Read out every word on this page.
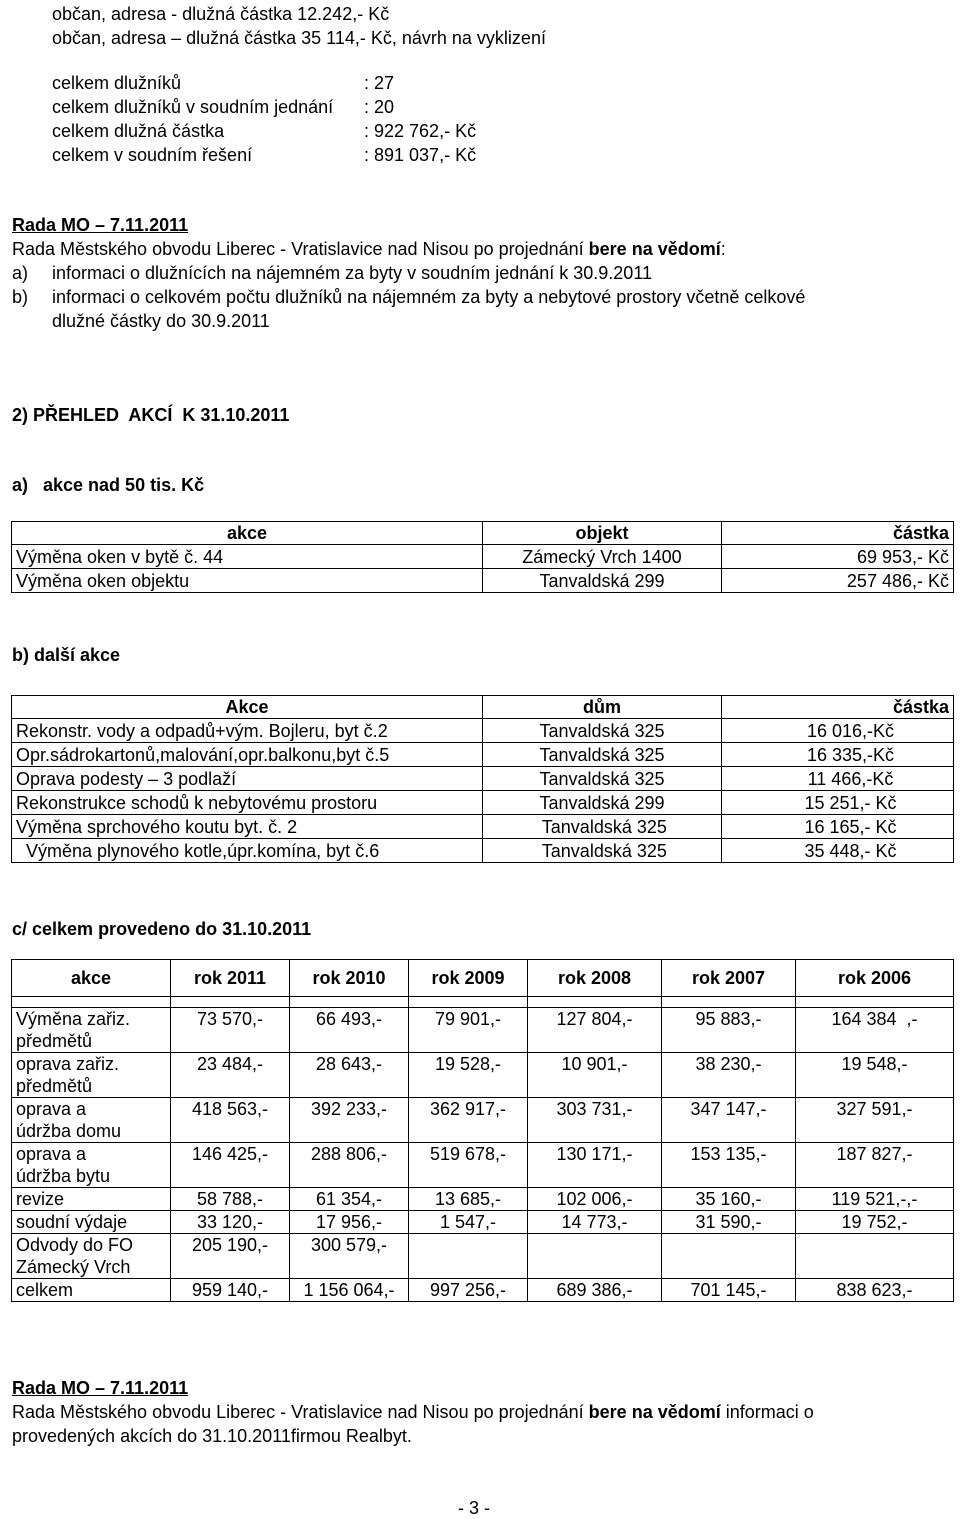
občan, adresa - dlužná částka 12.242,- Kč
občan, adresa – dlužná částka 35 114,- Kč, návrh na vyklizení
celkem dlužníků	: 27
celkem dlužníků v soudním jednání : 20
celkem dlužná částka	: 922 762,- Kč
celkem v soudním řešení	: 891 037,- Kč
Rada MO – 7.11.2011
Rada Městského obvodu Liberec - Vratislavice nad Nisou po projednání bere na vědomí:
a) informaci o dlužnících na nájemném za byty v soudním jednání k 30.9.2011
b) informaci o celkovém počtu dlužníků na nájemném za byty a nebytové prostory včetně celkové
dlužné částky do 30.9.2011
2) PŘEHLED  AKCÍ  K 31.10.2011
a)   akce nad 50 tis. Kč
akce	objekt	částka
Výměna oken v bytě č. 44	Zámecký Vrch 1400	69 953,- Kč
Výměna oken objektu	Tanvaldská 299	257 486,- Kč
b) další akce
Akce	dům	částka
Rekonstr. vody a odpadů+vým. Bojleru, byt č.2	Tanvaldská 325	16 016,-Kč
Opr.sádrokartonů,malování,opr.balkonu,byt č.5	Tanvaldská 325	16 335,-Kč
Oprava podesty – 3 podlaží	Tanvaldská 325	11 466,-Kč
Rekonstrukce schodů k nebytovému prostoru	Tanvaldská 299	15 251,- Kč
Výměna sprchového koutu byt. č. 2	Tanvaldská 325	16 165,- Kč
Výměna plynového kotle,úpr.komína, byt č.6	Tanvaldská 325	35 448,- Kč
c/ celkem provedeno do 31.10.2011
akce	rok 2011	rok 2010	rok 2009	rok 2008	rok 2007	rok 2006

Výměna zařiz.
předmětů	73 570,-	66 493,-	79 901,-	127 804,-	95 883,-	164 384  ,-

oprava zařiz.
předmětů	23 484,-	28 643,-	19 528,-	10 901,-	38 230,-	19 548,-

oprava a
údržba domu	418 563,-	392 233,-	362 917,-	303 731,-	347 147,-	327 591,-

oprava a
údržba bytu	146 425,-	288 806,-	519 678,-	130 171,-	153 135,-	187 827,-

revize	58 788,-	61 354,-	13 685,-	102 006,-	35 160,-	119 521,-,-

soudní výdaje	33 120,-	17 956,-	1 547,-	14 773,-	31 590,-	19 752,-

Odvody do FO
Zámecký Vrch	205 190,-	300 579,-				

celkem	959 140,-	1 156 064,-	997 256,-	689 386,-	701 145,-	838 623,-
Rada MO – 7.11.2011
Rada Městského obvodu Liberec - Vratislavice nad Nisou po projednání bere na vědomí informaci o
provedených akcích do 31.10.2011firmou Realbyt.
- 3 -
